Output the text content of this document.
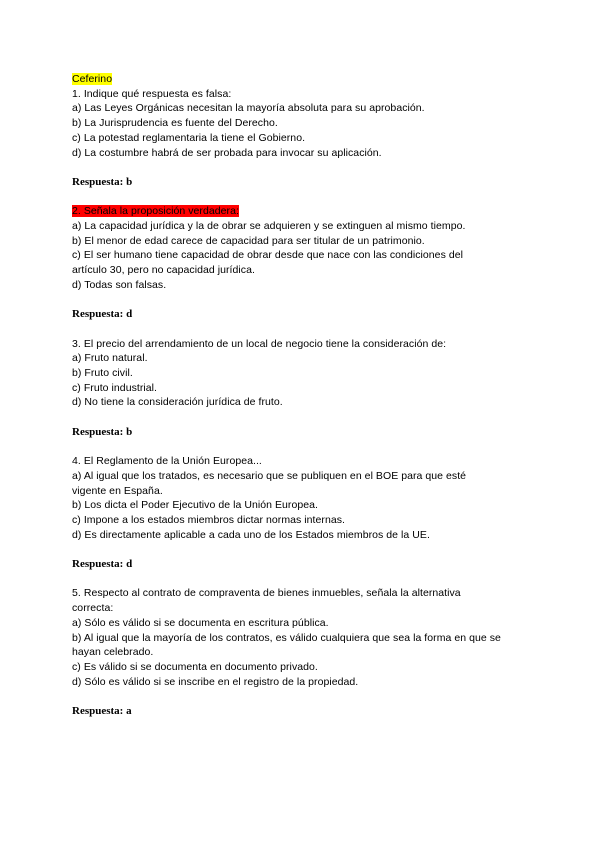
Ceferino
1. Indique qué respuesta es falsa:
a) Las Leyes Orgánicas necesitan la mayoría absoluta para su aprobación.
b) La Jurisprudencia es fuente del Derecho.
c) La potestad reglamentaria la tiene el Gobierno.
d) La costumbre habrá de ser probada para invocar su aplicación.
Respuesta: b
2. Señala la proposición verdadera:
a) La capacidad jurídica y la de obrar se adquieren y se extinguen al mismo tiempo.
b) El menor de edad carece de capacidad para ser titular de un patrimonio.
c) El ser humano tiene capacidad de obrar desde que nace con las condiciones del
artículo 30, pero no capacidad jurídica.
d) Todas son falsas.
Respuesta: d
3. El precio del arrendamiento de un local de negocio tiene la consideración de:
a) Fruto natural.
b) Fruto civil.
c) Fruto industrial.
d) No tiene la consideración jurídica de fruto.
Respuesta: b
4. El Reglamento de la Unión Europea...
a) Al igual que los tratados, es necesario que se publiquen en el BOE para que esté
vigente en España.
b) Los dicta el Poder Ejecutivo de la Unión Europea.
c) Impone a los estados miembros dictar normas internas.
d) Es directamente aplicable a cada uno de los Estados miembros de la UE.
Respuesta: d
5. Respecto al contrato de compraventa de bienes inmuebles, señala la alternativa
correcta:
a) Sólo es válido si se documenta en escritura pública.
b) Al igual que la mayoría de los contratos, es válido cualquiera que sea la forma en que se
hayan celebrado.
c) Es válido si se documenta en documento privado.
d) Sólo es válido si se inscribe en el registro de la propiedad.
Respuesta: a
